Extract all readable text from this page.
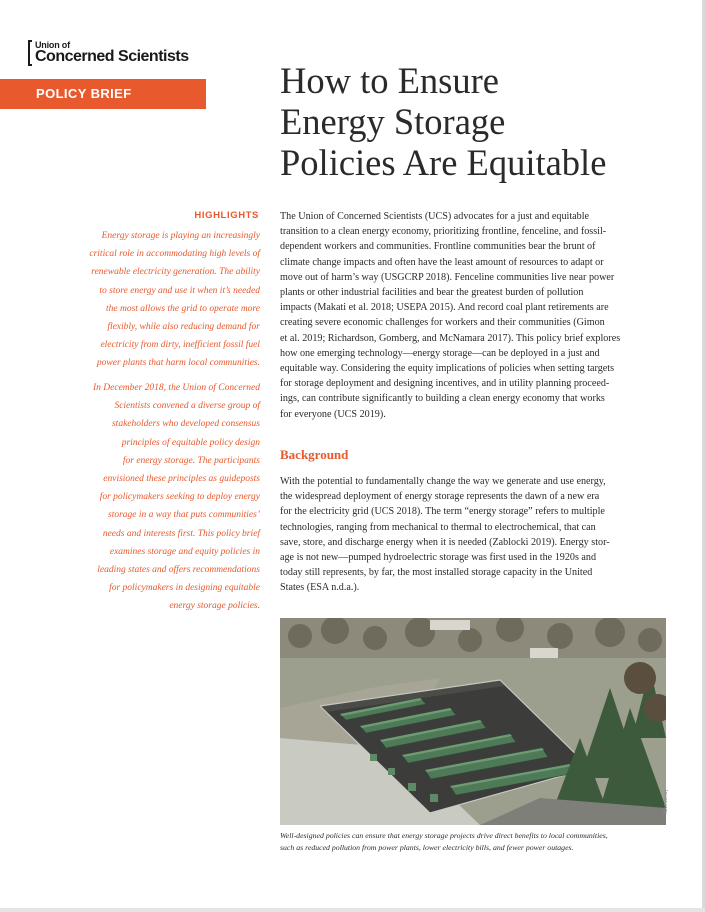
Union of
Concerned Scientists
POLICY BRIEF	How to Ensure
Energy Storage
Policies Are Equitable
HIGHLIGHTS
Energy storage is playing an increasingly
critical role in accommodating high levels of
renewable electricity generation. The ability
to store energy and use it when it’s needed
the most allows the grid to operate more
flexibly, while also reducing demand for
electricity from dirty, inefficient fossil fuel
power plants that harm local communities.
In December 2018, the Union of Concerned
Scientists convened a diverse group of
stakeholders who developed consensus
principles of equitable policy design
for energy storage. The participants
envisioned these principles as guideposts
for policymakers seeking to deploy energy
storage in a way that puts communities’
needs and interests first. This policy brief
examines storage and equity policies in
leading states and offers recommendations
for policymakers in designing equitable
energy storage policies.
The Union of Concerned Scientists (UCS) advocates for a just and equitable
transition to a clean energy economy, prioritizing frontline, fenceline, and fossil-
dependent workers and communities. Frontline communities bear the brunt of
climate change impacts and often have the least amount of resources to adapt or
move out of harm’s way (USGCRP 2018). Fenceline communities live near power
plants or other industrial facilities and bear the greatest burden of pollution
impacts (Makati et al. 2018; USEPA 2015). And record coal plant retirements are
creating severe economic challenges for workers and their communities (Gimon
et al. 2019; Richardson, Gomberg, and McNamara 2017). This policy brief explores
how one emerging technology—energy storage—can be deployed in a just and
equitable way. Considering the equity implications of policies when setting targets
for storage deployment and designing incentives, and in utility planning proceed-
ings, can contribute significantly to building a clean energy economy that works
for everyone (UCS 2019).
Background
With the potential to fundamentally change the way we generate and use energy,
the widespread deployment of energy storage represents the dawn of a new era
for the electricity grid (UCS 2018). The term “energy storage” refers to multiple
technologies, ranging from mechanical to thermal to electrochemical, that can
save, store, and discharge energy when it is needed (Zablocki 2019). Energy stor-
age is not new—pumped hydroelectric storage was first used in the 1920s and
today still represents, by far, the most installed storage capacity in the United
States (ESA n.d.a.).
Invenergy
Well-designed policies can ensure that energy storage projects drive direct benefits to local communities,
such as reduced pollution from power plants, lower electricity bills, and fewer power outages.
